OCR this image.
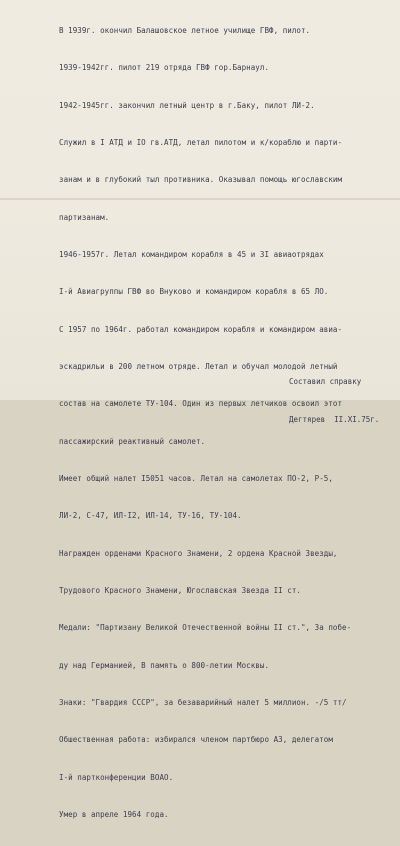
В 1939г. окончил Балашовское летное училище ГВФ, пилот.

1939-1942гг. пилот 219 отряда ГВФ гор.Барнаул.

1942-1945гг. закончил летный центр в г.Баку, пилот ЛИ-2.

Служил в I АТД и IO гв.АТД, летал пилотом и к/кораблю и парти-

занам и в глубокий тыл противника. Оказывал помощь югославским

партизанам.

1946-1957г. Летал командиром корабля в 45 и 3I авиаотрядах

I-й Авиагруппы ГВФ во Внуково и командиром корабля в 65 ЛО.

С 1957 по 1964г. работал командиром корабля и командиром авиа-

эскадрильи в 200 летном отряде. Летал и обучал молодой летный

состав на самолете ТУ-104. Один из первых летчиков освоил этот

пассажирский реактивный самолет.

Имеет общий налет I5051 часов. Летал на самолетах ПО-2, Р-5,

ЛИ-2, С-47, ИЛ-I2, ИЛ-14, ТУ-16, ТУ-104.

Награжден орденами Красного Знамени, 2 ордена Красной Звезды,

Трудового Красного Знамени, Югославская Звезда II ст.

Медали: "Партизану Великой Отечественной войны II ст.", За побе-

ду над Германией, В память о 800-летии Москвы.

Знаки: "Гвардия СССР", за безаварийный налет 5 миллион. -/5 тт/

Обшественная работа: избирался членом партбюро АЗ, делегатом

I-й партконференции ВОАО.

Умер в апреле 1964 года.

Составил справку

Дегтярев  II.XI.75г.
